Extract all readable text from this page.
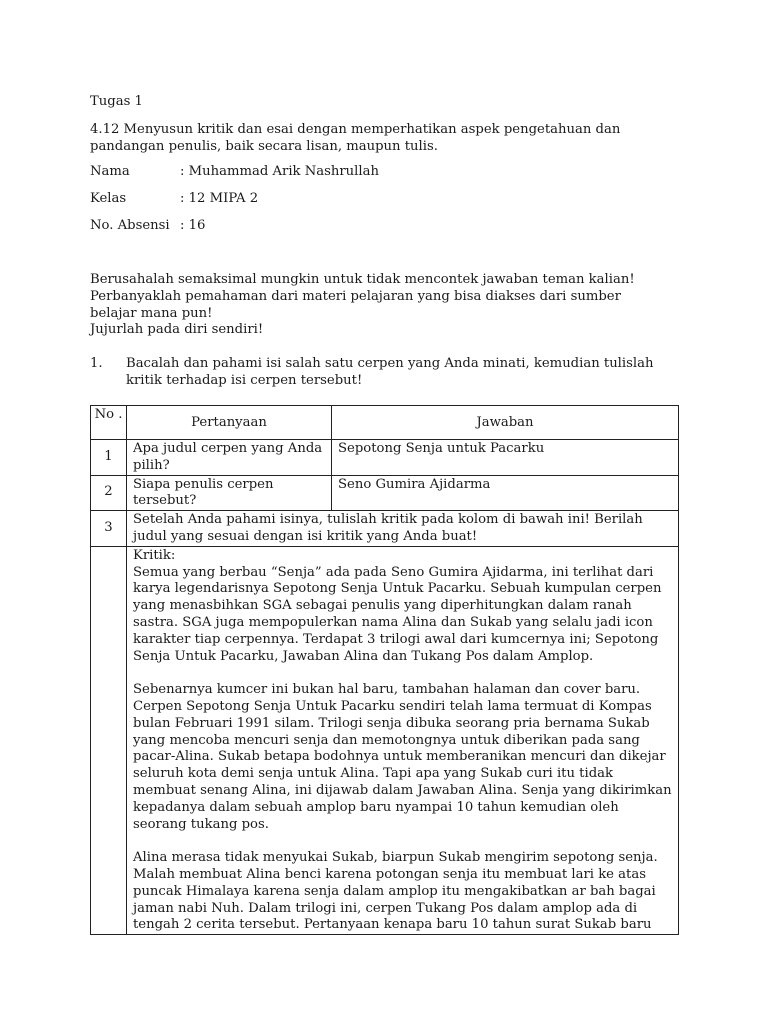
Tugas 1
4.12 Menyusun kritik dan esai dengan memperhatikan aspek pengetahuan dan pandangan penulis, baik secara lisan, maupun tulis.
Nama	: Muhammad Arik Nashrullah
Kelas	: 12 MIPA 2
No. Absensi : 16
Berusahalah semaksimal mungkin untuk tidak mencontek jawaban teman kalian!
Perbanyaklah pemahaman dari materi pelajaran yang bisa diakses dari sumber belajar mana pun!
Jujurlah pada diri sendiri!
1. Bacalah dan pahami isi salah satu cerpen yang Anda minati, kemudian tulislah kritik terhadap isi cerpen tersebut!
No .	Pertanyaan	Jawaban
1	Apa judul cerpen yang Anda pilih?	Sepotong Senja untuk Pacarku
2	Siapa penulis cerpen tersebut?	Seno Gumira Ajidarma
3	Setelah Anda pahami isinya, tulislah kritik pada kolom di bawah ini! Berilah judul yang sesuai dengan isi kritik yang Anda buat!	

	Kritik:
Semua yang berbau “Senja” ada pada Seno Gumira Ajidarma, ini terlihat dari karya legendarisnya Sepotong Senja Untuk Pacarku. Sebuah kumpulan cerpen yang menasbihkan SGA sebagai penulis yang diperhitungkan dalam ranah sastra. SGA juga mempopulerkan nama Alina dan Sukab yang selalu jadi icon karakter tiap cerpennya. Terdapat 3 trilogi awal dari kumcernya ini; Sepotong Senja Untuk Pacarku, Jawaban Alina dan Tukang Pos dalam Amplop.
Sebenarnya kumcer ini bukan hal baru, tambahan halaman dan cover baru. Cerpen Sepotong Senja Untuk Pacarku sendiri telah lama termuat di Kompas bulan Februari 1991 silam. Trilogi senja dibuka seorang pria bernama Sukab yang mencoba mencuri senja dan memotongnya untuk diberikan pada sang pacar-Alina. Sukab betapa bodohnya untuk memberanikan mencuri dan dikejar seluruh kota demi senja untuk Alina. Tapi apa yang Sukab curi itu tidak membuat senang Alina, ini dijawab dalam Jawaban Alina. Senja yang dikirimkan kepadanya dalam sebuah amplop baru nyampai 10 tahun kemudian oleh seorang tukang pos.
Alina merasa tidak menyukai Sukab, biarpun Sukab mengirim sepotong senja. Malah membuat Alina benci karena potongan senja itu membuat lari ke atas puncak Himalaya karena senja dalam amplop itu mengakibatkan ar bah bagai jaman nabi Nuh. Dalam trilogi ini, cerpen Tukang Pos dalam amplop ada di tengah 2 cerita tersebut. Pertanyaan kenapa baru 10 tahun surat Sukab baru	
